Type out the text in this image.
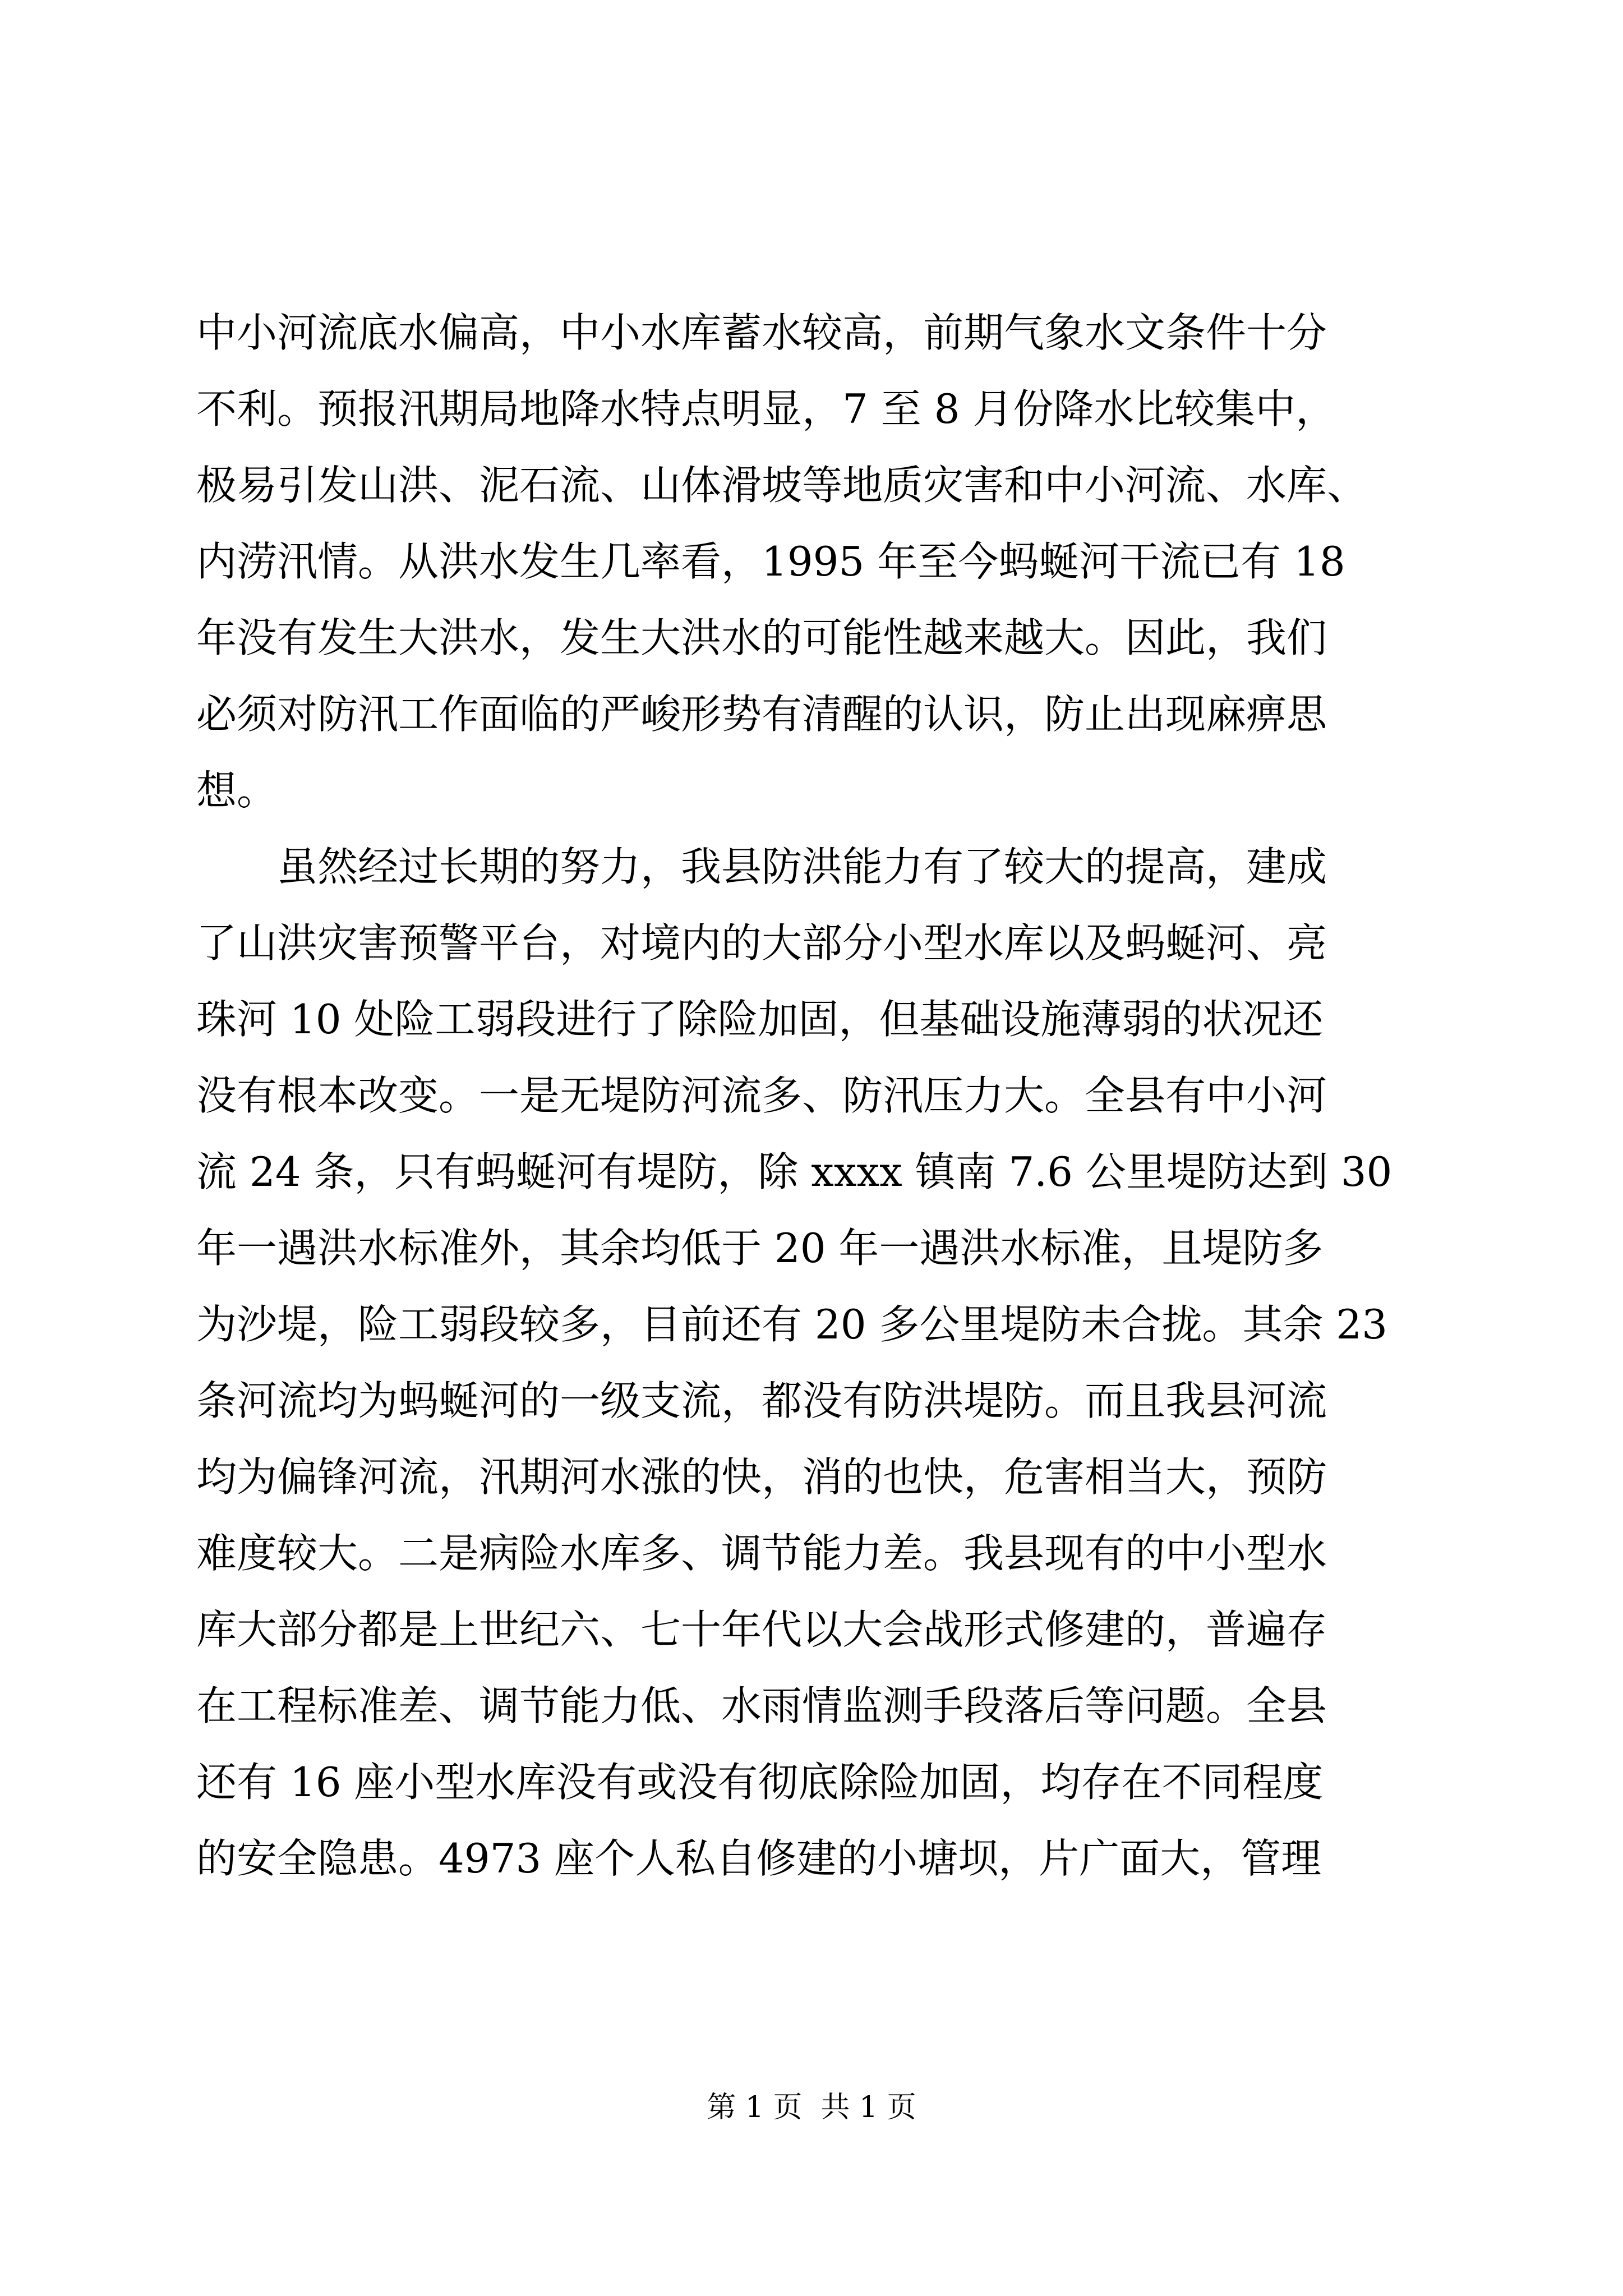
中小河流底水偏高，中小水库蓄水较高，前期气象水文条件十分
不利。预报汛期局地降水特点明显，7 至 8 月份降水比较集中，
极易引发山洪、泥石流、山体滑坡等地质灾害和中小河流、水库、
内涝汛情。从洪水发生几率看，1995 年至今蚂蜒河干流已有 18
年没有发生大洪水，发生大洪水的可能性越来越大。因此，我们
必须对防汛工作面临的严峻形势有清醒的认识，防止出现麻痹思
想。
　　虽然经过长期的努力，我县防洪能力有了较大的提高，建成
了山洪灾害预警平台，对境内的大部分小型水库以及蚂蜒河、亮
珠河 10 处险工弱段进行了除险加固，但基础设施薄弱的状况还
没有根本改变。一是无堤防河流多、防汛压力大。全县有中小河
流 24 条，只有蚂蜒河有堤防，除 xxxx 镇南 7.6 公里堤防达到 30
年一遇洪水标准外，其余均低于 20 年一遇洪水标准，且堤防多
为沙堤，险工弱段较多，目前还有 20 多公里堤防未合拢。其余 23
条河流均为蚂蜒河的一级支流，都没有防洪堤防。而且我县河流
均为偏锋河流，汛期河水涨的快，消的也快，危害相当大，预防
难度较大。二是病险水库多、调节能力差。我县现有的中小型水
库大部分都是上世纪六、七十年代以大会战形式修建的，普遍存
在工程标准差、调节能力低、水雨情监测手段落后等问题。全县
还有 16 座小型水库没有或没有彻底除险加固，均存在不同程度
的安全隐患。4973 座个人私自修建的小塘坝，片广面大，管理
第 1 页  共 1 页
